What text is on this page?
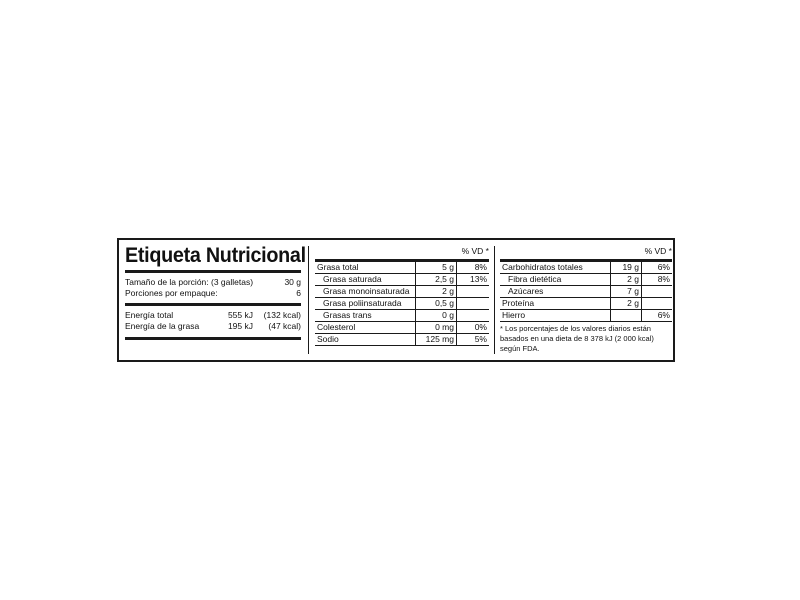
Etiqueta Nutricional
Tamaño de la porción: (3 galletas)	30 g
Porciones por empaque:	6
Energía total	555 kJ	(132 kcal)
Energía de la grasa	195 kJ	(47 kcal)
% VD *
Grasa total	5 g	8%
Grasa saturada	2,5 g	13%
Grasa monoinsaturada	2 g	
Grasa poliinsaturada	0,5 g	
Grasas trans	0 g	
Colesterol	0 mg	0%
Sodio	125 mg	5%
% VD *
Carbohidratos totales	19 g	6%
Fibra dietética	2 g	8%
Azúcares	7 g	
Proteína	2 g	
Hierro		6%
* Los porcentajes de los valores diarios están basados en una dieta de 8 378 kJ (2 000 kcal) según FDA.
